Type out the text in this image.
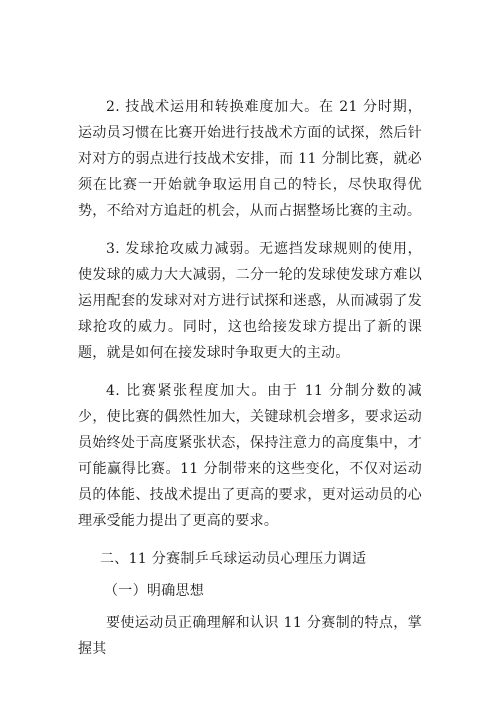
2. 技战术运用和转换难度加大。在 21 分时期，运动员习惯在比赛开始进行技战术方面的试探，然后针对对方的弱点进行技战术安排，而 11 分制比赛，就必须在比赛一开始就争取运用自己的特长，尽快取得优势，不给对方追赶的机会，从而占据整场比赛的主动。

3. 发球抢攻威力减弱。无遮挡发球规则的使用，使发球的威力大大减弱，二分一轮的发球使发球方难以运用配套的发球对对方进行试探和迷惑，从而减弱了发球抢攻的威力。同时，这也给接发球方提出了新的课题，就是如何在接发球时争取更大的主动。

4. 比赛紧张程度加大。由于 11 分制分数的减少，使比赛的偶然性加大，关键球机会增多，要求运动员始终处于高度紧张状态，保持注意力的高度集中，才可能赢得比赛。11 分制带来的这些变化，不仅对运动员的体能、技战术提出了更高的要求，更对运动员的心理承受能力提出了更高的要求。

二、11 分赛制乒乓球运动员心理压力调适

（一）明确思想

要使运动员正确理解和认识 11 分赛制的特点，掌握其
